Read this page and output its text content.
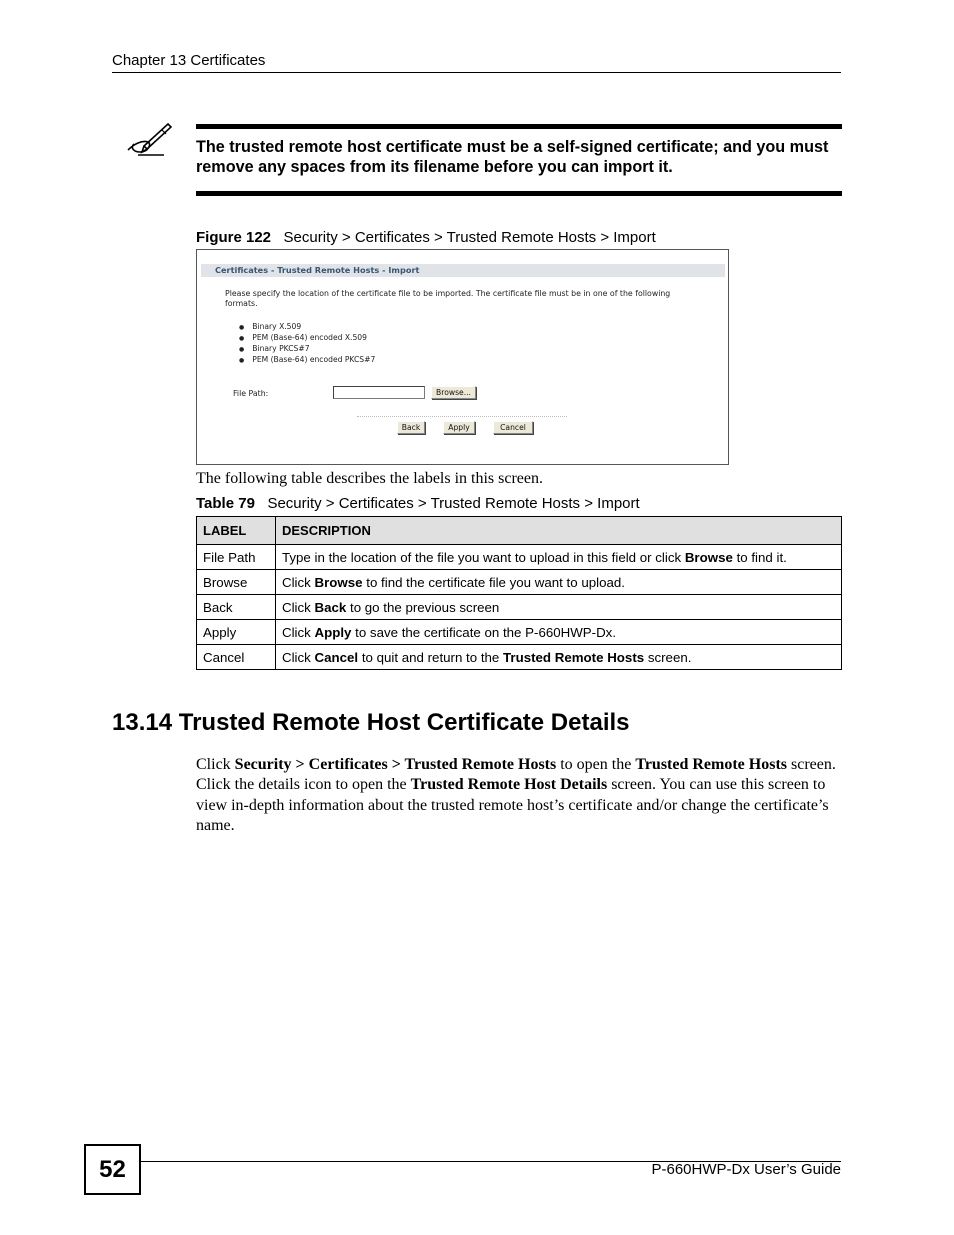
Chapter 13 Certificates
The trusted remote host certificate must be a self-signed certificate; and you must remove any spaces from its filename before you can import it.
Figure 122 Security > Certificates > Trusted Remote Hosts > Import
Certificates - Trusted Remote Hosts - Import
Please specify the location of the certificate file to be imported. The certificate file must be in one of the following formats.
● Binary X.509
● PEM (Base-64) encoded X.509
● Binary PKCS#7
● PEM (Base-64) encoded PKCS#7
File Path:	Browse...
Back	Apply	Cancel
The following table describes the labels in this screen.
Table 79 Security > Certificates > Trusted Remote Hosts > Import
LABEL	DESCRIPTION
File Path	Type in the location of the file you want to upload in this field or click Browse to find it.
Browse	Click Browse to find the certificate file you want to upload.
Back	Click Back to go the previous screen
Apply	Click Apply to save the certificate on the P-660HWP-Dx.
Cancel	Click Cancel to quit and return to the Trusted Remote Hosts screen.
13.14 Trusted Remote Host Certificate Details
Click Security > Certificates > Trusted Remote Hosts to open the Trusted Remote Hosts screen. Click the details icon to open the Trusted Remote Host Details screen. You can use this screen to view in-depth information about the trusted remote host’s certificate and/or change the certificate’s name.
52	P-660HWP-Dx User’s Guide
